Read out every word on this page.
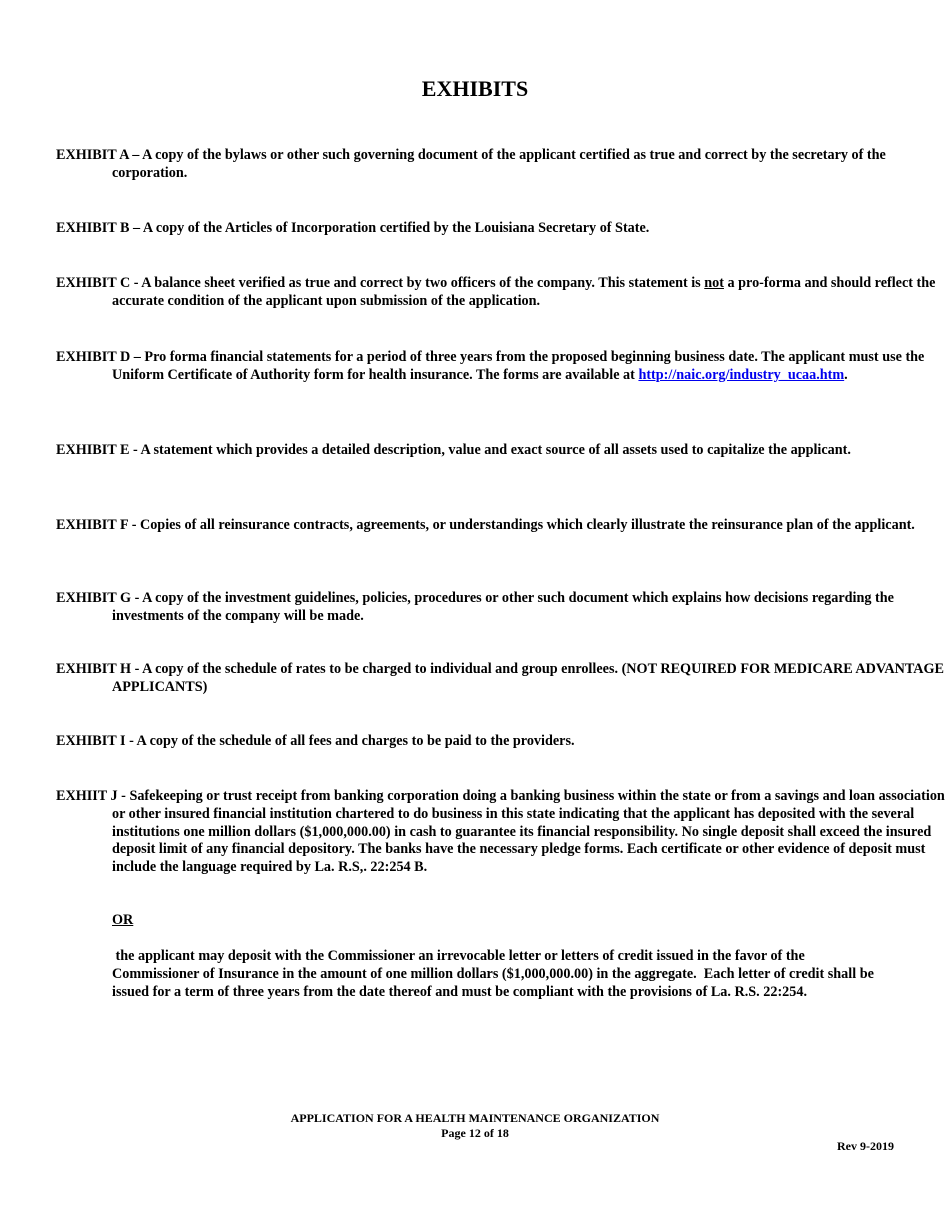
EXHIBITS

EXHIBIT A – A copy of the bylaws or other such governing document of the applicant certified as true and correct by the secretary of the corporation.

EXHIBIT B – A copy of the Articles of Incorporation certified by the Louisiana Secretary of State.

EXHIBIT C - A balance sheet verified as true and correct by two officers of the company. This statement is not a pro-forma and should reflect the accurate condition of the applicant upon submission of the application.

EXHIBIT D – Pro forma financial statements for a period of three years from the proposed beginning business date. The applicant must use the Uniform Certificate of Authority form for health insurance. The forms are available at http://naic.org/industry_ucaa.htm.

EXHIBIT E - A statement which provides a detailed description, value and exact source of all assets used to capitalize the applicant.

EXHIBIT F - Copies of all reinsurance contracts, agreements, or understandings which clearly illustrate the reinsurance plan of the applicant.

EXHIBIT G - A copy of the investment guidelines, policies, procedures or other such document which explains how decisions regarding the investments of the company will be made.

EXHIBIT H - A copy of the schedule of rates to be charged to individual and group enrollees. (NOT REQUIRED FOR MEDICARE ADVANTAGE APPLICANTS)

EXHIBIT I - A copy of the schedule of all fees and charges to be paid to the providers.

EXHIIT J - Safekeeping or trust receipt from banking corporation doing a banking business within the state or from a savings and loan association or other insured financial institution chartered to do business in this state indicating that the applicant has deposited with the several institutions one million dollars ($1,000,000.00) in cash to guarantee its financial responsibility. No single deposit shall exceed the insured deposit limit of any financial depository. The banks have the necessary pledge forms. Each certificate or other evidence of deposit must include the language required by La. R.S,. 22:254 B.

OR

the applicant may deposit with the Commissioner an irrevocable letter or letters of credit issued in the favor of the Commissioner of Insurance in the amount of one million dollars ($1,000,000.00) in the aggregate.  Each letter of credit shall be issued for a term of three years from the date thereof and must be compliant with the provisions of La. R.S. 22:254.

APPLICATION FOR A HEALTH MAINTENANCE ORGANIZATION
Page 12 of 18
Rev 9-2019
